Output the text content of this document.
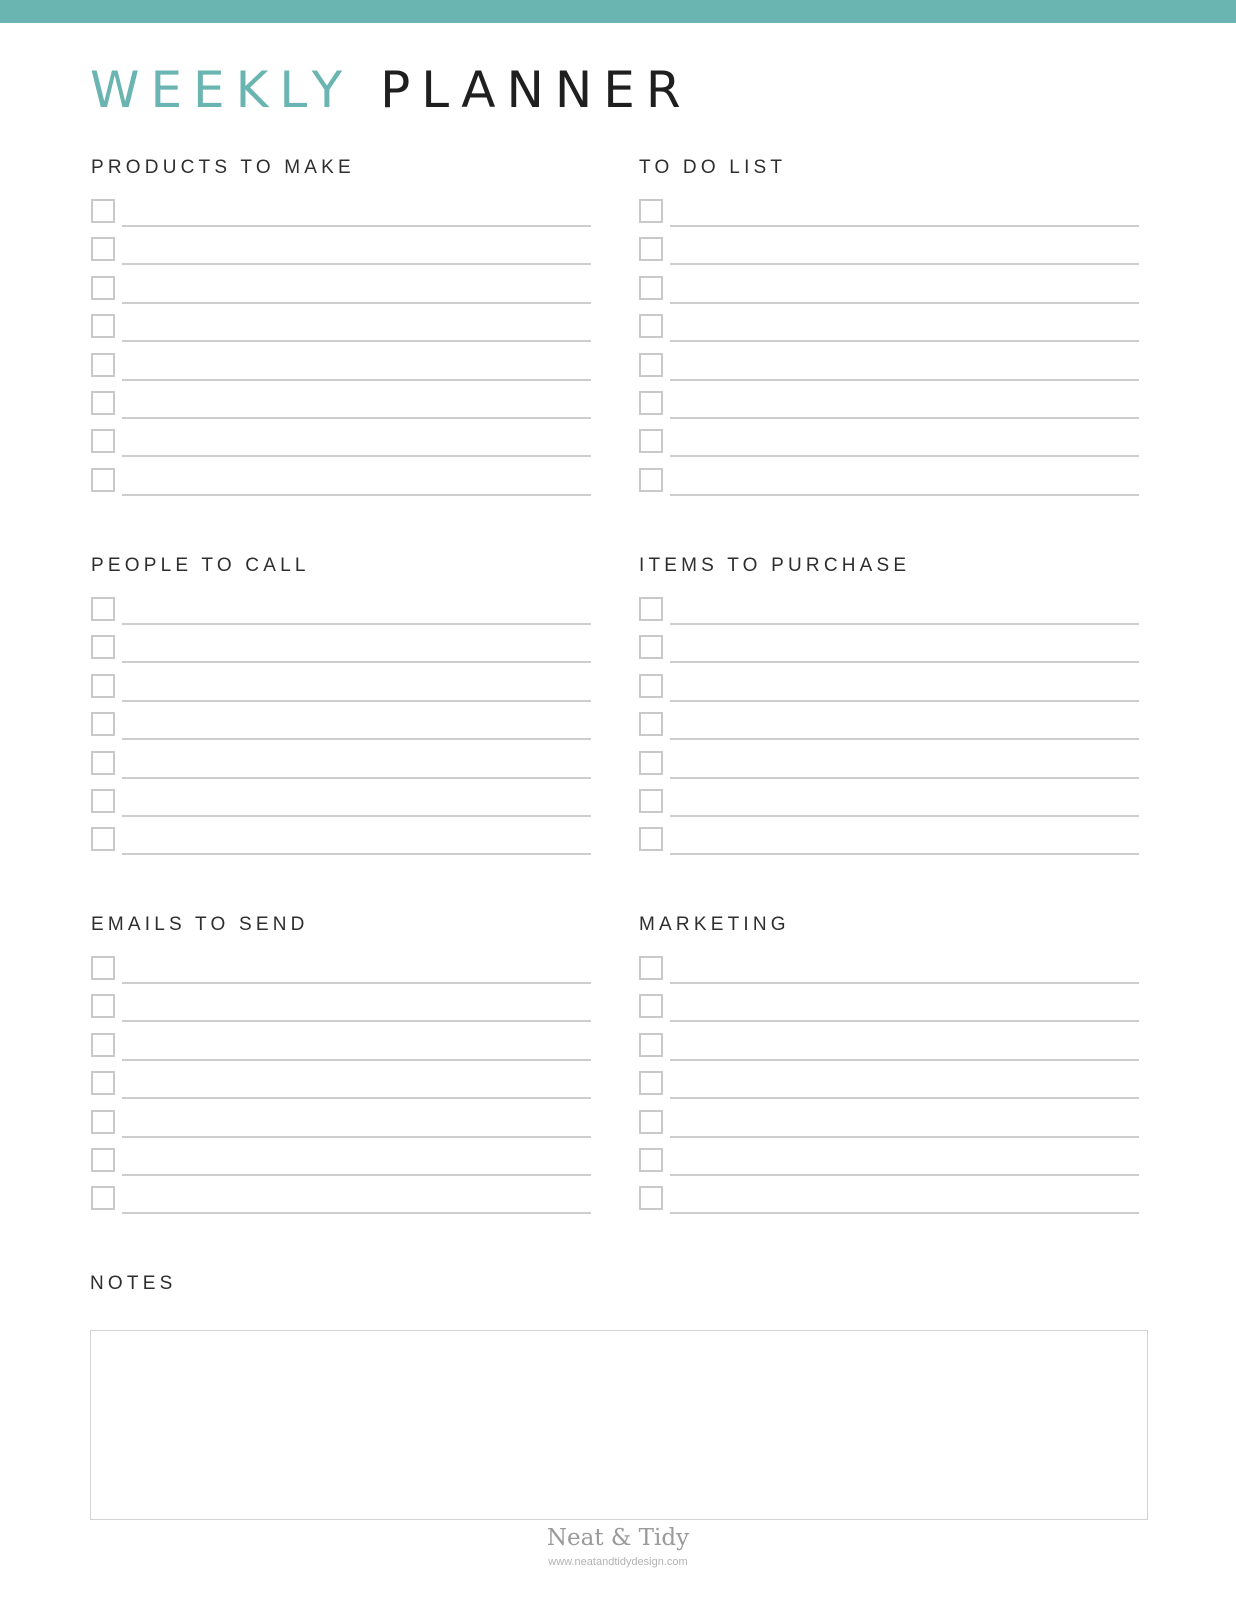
WEEKLY PLANNER
PRODUCTS TO MAKE	TO DO LIST
PEOPLE TO CALL	ITEMS TO PURCHASE
EMAILS TO SEND	MARKETING
NOTES
Neat & Tidy
www.neatandtidydesign.com
